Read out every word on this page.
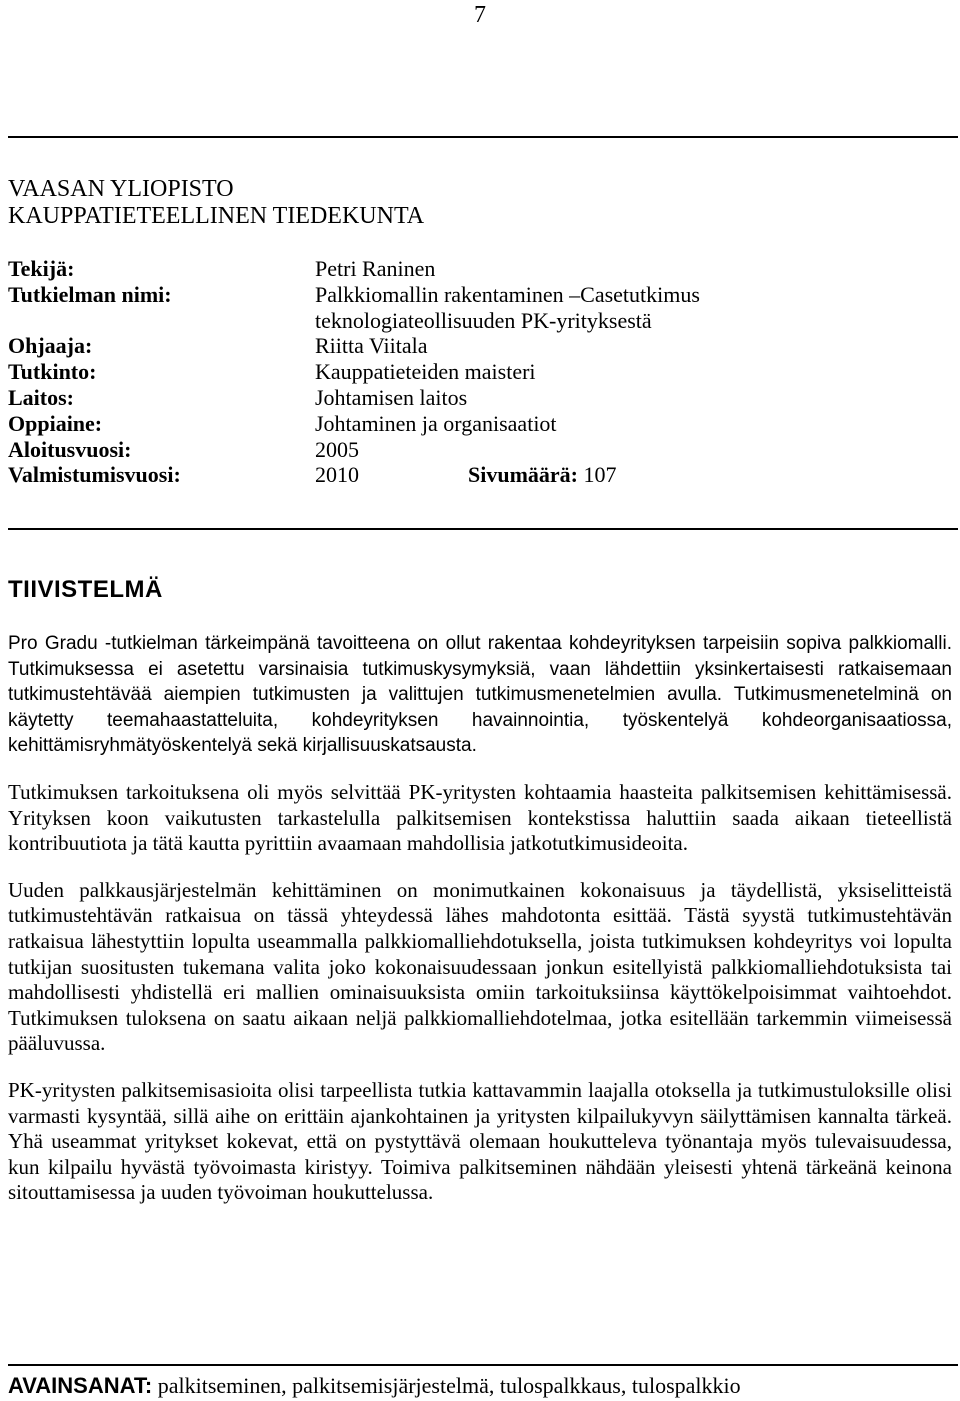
7
VAASAN YLIOPISTO
KAUPPATIETEELLINEN TIEDEKUNTA
Tekijä:	Petri Raninen
Tutkielman nimi:	Palkkiomallin rakentaminen –Casetutkimus
teknologiateollisuuden PK-yrityksestä
Ohjaaja:	Riitta Viitala
Tutkinto:	Kauppatieteiden maisteri
Laitos:	Johtamisen laitos
Oppiaine:	Johtaminen ja organisaatiot
Aloitusvuosi:	2005
Valmistumisvuosi:	2010	Sivumäärä: 107
TIIVISTELMÄ

Pro Gradu -tutkielman tärkeimpänä tavoitteena on ollut rakentaa kohdeyrityksen tarpeisiin sopiva palkkiomalli. Tutkimuksessa ei asetettu varsinaisia tutkimuskysymyksiä, vaan lähdettiin yksinkertaisesti ratkaisemaan tutkimustehtävää aiempien tutkimusten ja valittujen tutkimusmenetelmien avulla. Tutkimusmenetelminä on käytetty teemahaastatteluita, kohdeyrityksen havainnointia, työskentelyä kohdeorganisaatiossa, kehittämisryhmätyöskentelyä sekä kirjallisuuskatsausta.

Tutkimuksen tarkoituksena oli myös selvittää PK-yritysten kohtaamia haasteita palkitsemisen kehittämisessä. Yrityksen koon vaikutusten tarkastelulla palkitsemisen kontekstissa haluttiin saada aikaan tieteellistä kontribuutiota ja tätä kautta pyrittiin avaamaan mahdollisia jatkotutkimusideoita.

Uuden palkkausjärjestelmän kehittäminen on monimutkainen kokonaisuus ja täydellistä, yksiselitteistä tutkimustehtävän ratkaisua on tässä yhteydessä lähes mahdotonta esittää. Tästä syystä tutkimustehtävän ratkaisua lähestyttiin lopulta useammalla palkkiomalliehdotuksella, joista tutkimuksen kohdeyritys voi lopulta tutkijan suositusten tukemana valita joko kokonaisuudessaan jonkun esitellyistä palkkiomalliehdotuksista tai mahdollisesti yhdistellä eri mallien ominaisuuksista omiin tarkoituksiinsa käyttökelpoisimmat vaihtoehdot. Tutkimuksen tuloksena on saatu aikaan neljä palkkiomalliehdotelmaa, jotka esitellään tarkemmin viimeisessä pääluvussa.

PK-yritysten palkitsemisasioita olisi tarpeellista tutkia kattavammin laajalla otoksella ja tutkimustuloksille olisi varmasti kysyntää, sillä aihe on erittäin ajankohtainen ja yritysten kilpailukyvyn säilyttämisen kannalta tärkeä. Yhä useammat yritykset kokevat, että on pystyttävä olemaan houkutteleva työnantaja myös tulevaisuudessa, kun kilpailu hyvästä työvoimasta kiristyy. Toimiva palkitseminen nähdään yleisesti yhtenä tärkeänä keinona sitouttamisessa ja uuden työvoiman houkuttelussa.

AVAINSANAT: palkitseminen, palkitsemisjärjestelmä, tulospalkkaus, tulospalkkio
